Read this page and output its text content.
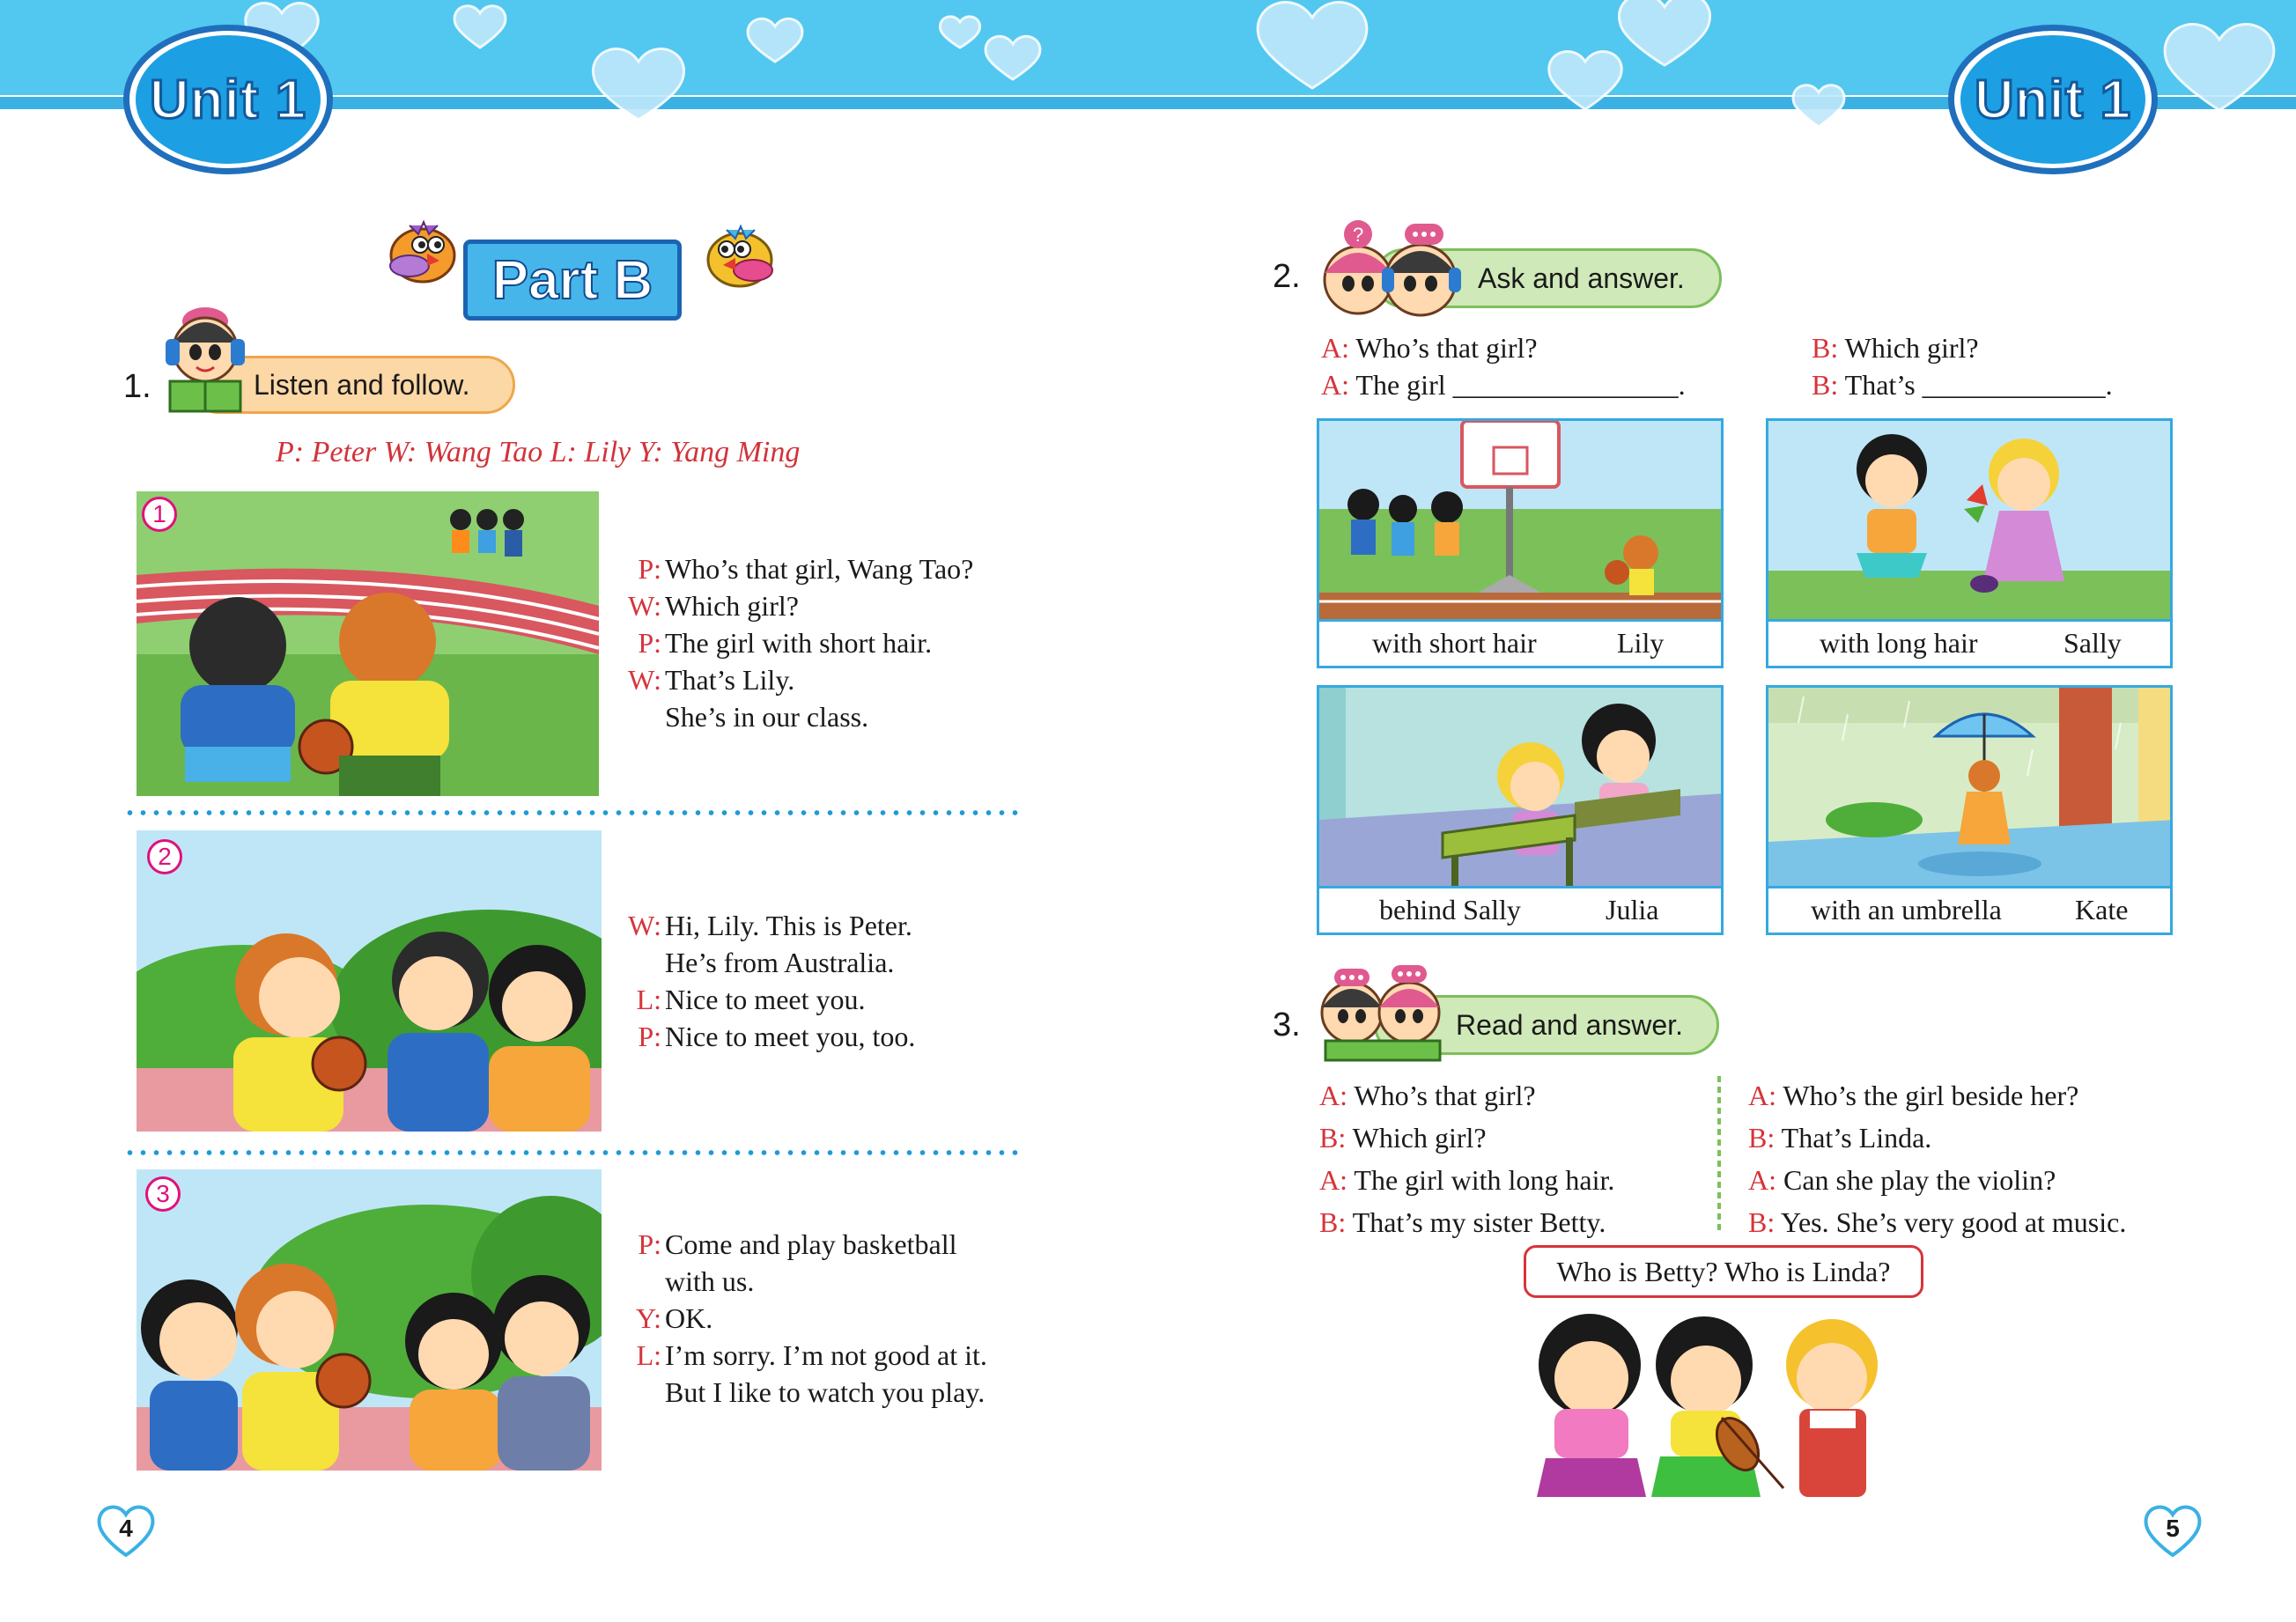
Unit 1	Unit 1
Part B
1.	Listen and follow.
P: Peter W: Wang Tao L: Lily Y: Yang Ming
1
P: Who’s that girl, Wang Tao?
W: Which girl?
P: The girl with short hair.
W: That’s Lily.
She’s in our class.
2
W: Hi, Lily. This is Peter.
He’s from Australia.
L: Nice to meet you.
P: Nice to meet you, too.
3
P: Come and play basketball
with us.
Y: OK.
L: I’m sorry. I’m not good at it.
But I like to watch you play.
4
2.	Ask and answer.
?
A: Who’s that girl?
A: The girl ________________.
B: Which girl?
B: That’s _____________.
with short hair	Lily	with long hair	Sally
behind Sally	Julia	with an umbrella	Kate
3.	Read and answer.
A: Who’s that girl?
B: Which girl?
A: The girl with long hair.
B: That’s my sister Betty.
A: Who’s the girl beside her?
B: That’s Linda.
A: Can she play the violin?
B: Yes. She’s very good at music.
Who is Betty? Who is Linda?
5
